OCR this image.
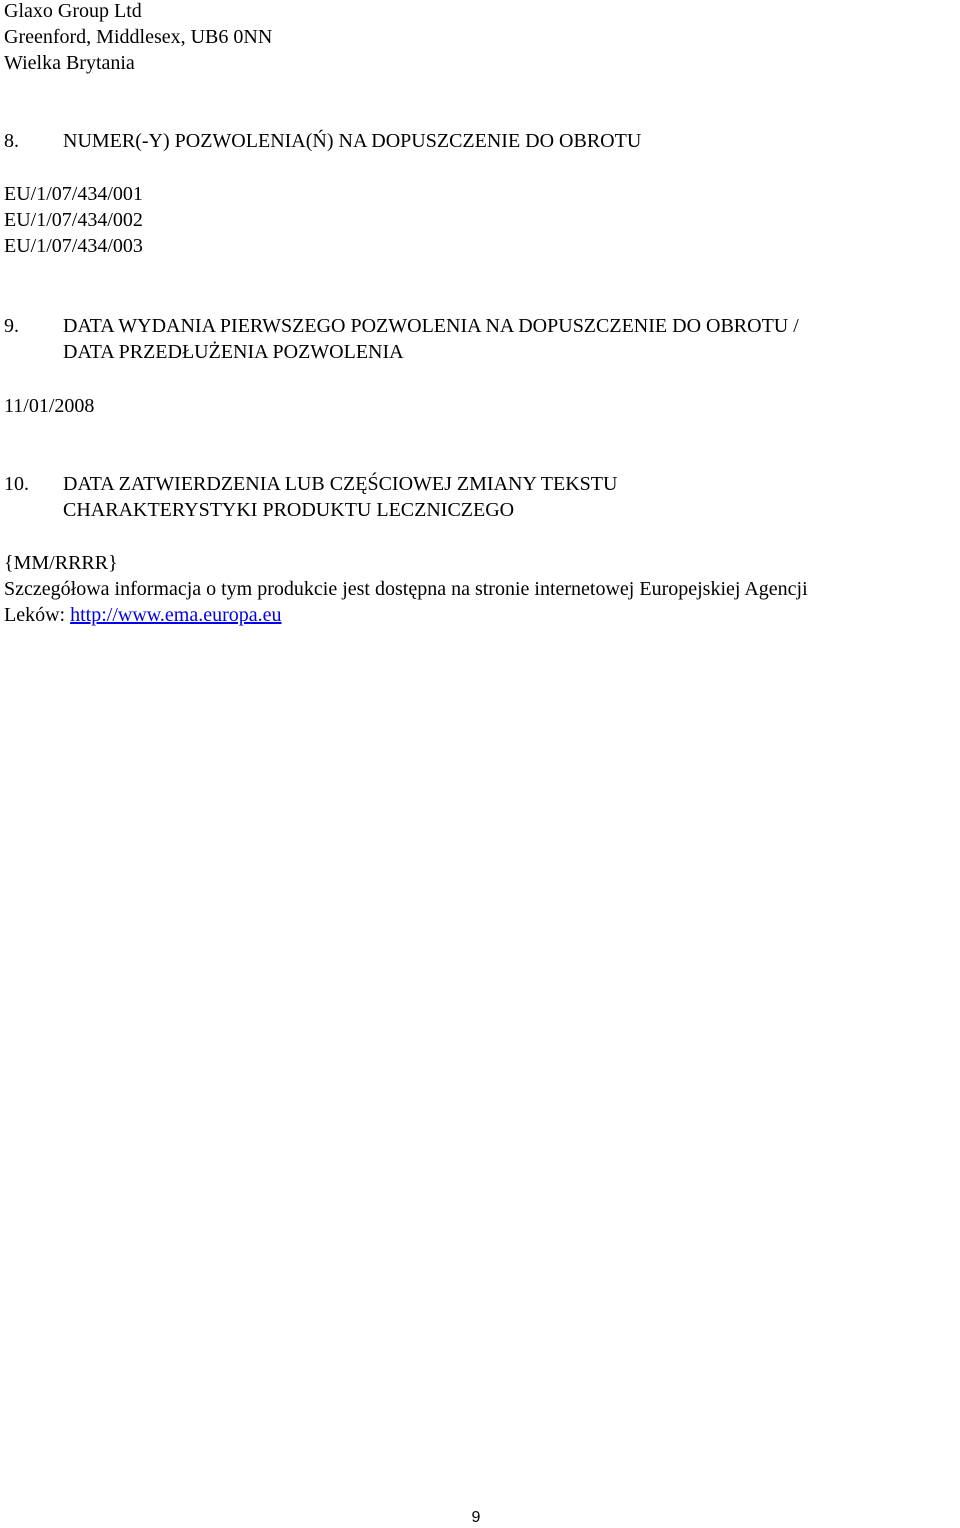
Glaxo Group Ltd
Greenford, Middlesex, UB6 0NN
Wielka Brytania
8. NUMER(-Y) POZWOLENIA(Ń) NA DOPUSZCZENIE DO OBROTU
EU/1/07/434/001
EU/1/07/434/002
EU/1/07/434/003
9. DATA WYDANIA PIERWSZEGO POZWOLENIA NA DOPUSZCZENIE DO OBROTU /
DATA PRZEDŁUŻENIA POZWOLENIA
11/01/2008
10. DATA ZATWIERDZENIA LUB CZĘŚCIOWEJ ZMIANY TEKSTU
CHARAKTERYSTYKI PRODUKTU LECZNICZEGO
{MM/RRRR}
Szczegółowa informacja o tym produkcie jest dostępna na stronie internetowej Europejskiej Agencji
Leków: http://www.ema.europa.eu
9
